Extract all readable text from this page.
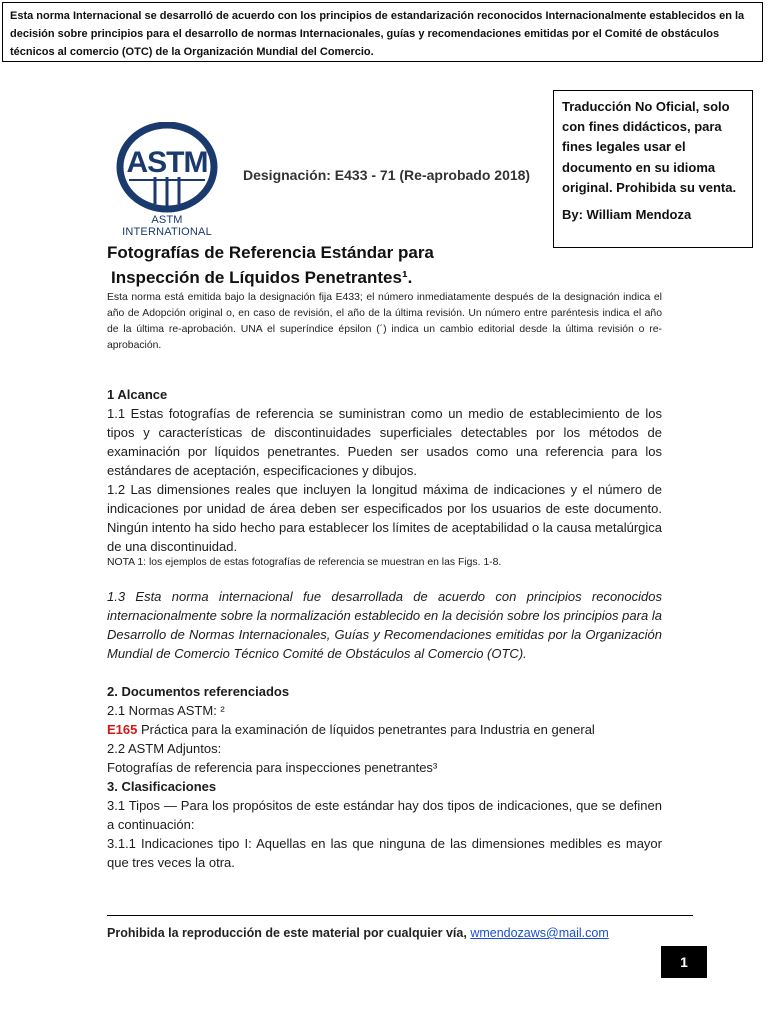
Esta norma Internacional se desarrolló de acuerdo con los principios de estandarización reconocidos Internacionalmente establecidos en la decisión sobre principios para el desarrollo de normas Internacionales, guías y recomendaciones emitidas por el Comité de obstáculos técnicos al comercio (OTC) de la Organización Mundial del Comercio.
ASTM
ASTM INTERNATIONAL
Designación: E433 - 71 (Re-aprobado 2018)
Traducción No Oficial, solo con fines didácticos, para fines legales usar el documento en su idioma original. Prohibida su venta.
By: William Mendoza
Fotografías de Referencia Estándar para
Inspección de Líquidos Penetrantes¹.
Esta norma está emitida bajo la designación fija E433; el número inmediatamente después de la designación indica el año de Adopción original o, en caso de revisión, el año de la última revisión. Un número entre paréntesis indica el año de la última re-aprobación. UNA el superíndice épsilon (´) indica un cambio editorial desde la última revisión o re-aprobación.
1 Alcance
1.1 Estas fotografías de referencia se suministran como un medio de establecimiento de los tipos y características de discontinuidades superficiales detectables por los métodos de examinación por líquidos penetrantes. Pueden ser usados como una referencia para los estándares de aceptación, especificaciones y dibujos.
1.2 Las dimensiones reales que incluyen la longitud máxima de indicaciones y el número de indicaciones por unidad de área deben ser especificados por los usuarios de este documento. Ningún intento ha sido hecho para establecer los límites de aceptabilidad o la causa metalúrgica de una discontinuidad.
NOTA 1: los ejemplos de estas fotografías de referencia se muestran en las Figs. 1-8.
1.3 Esta norma internacional fue desarrollada de acuerdo con principios reconocidos internacionalmente sobre la normalización establecido en la decisión sobre los principios para la Desarrollo de Normas Internacionales, Guías y Recomendaciones emitidas por la Organización Mundial de Comercio Técnico Comité de Obstáculos al Comercio (OTC).
2. Documentos referenciados
2.1 Normas ASTM: ²
E165 Práctica para la examinación de líquidos penetrantes para Industria en general
2.2 ASTM Adjuntos:
Fotografías de referencia para inspecciones penetrantes³
3. Clasificaciones
3.1 Tipos — Para los propósitos de este estándar hay dos tipos de indicaciones, que se definen a continuación:
3.1.1 Indicaciones tipo I: Aquellas en las que ninguna de las dimensiones medibles es mayor que tres veces la otra.
Prohibida la reproducción de este material por cualquier vía, wmendozaws@mail.com
1
